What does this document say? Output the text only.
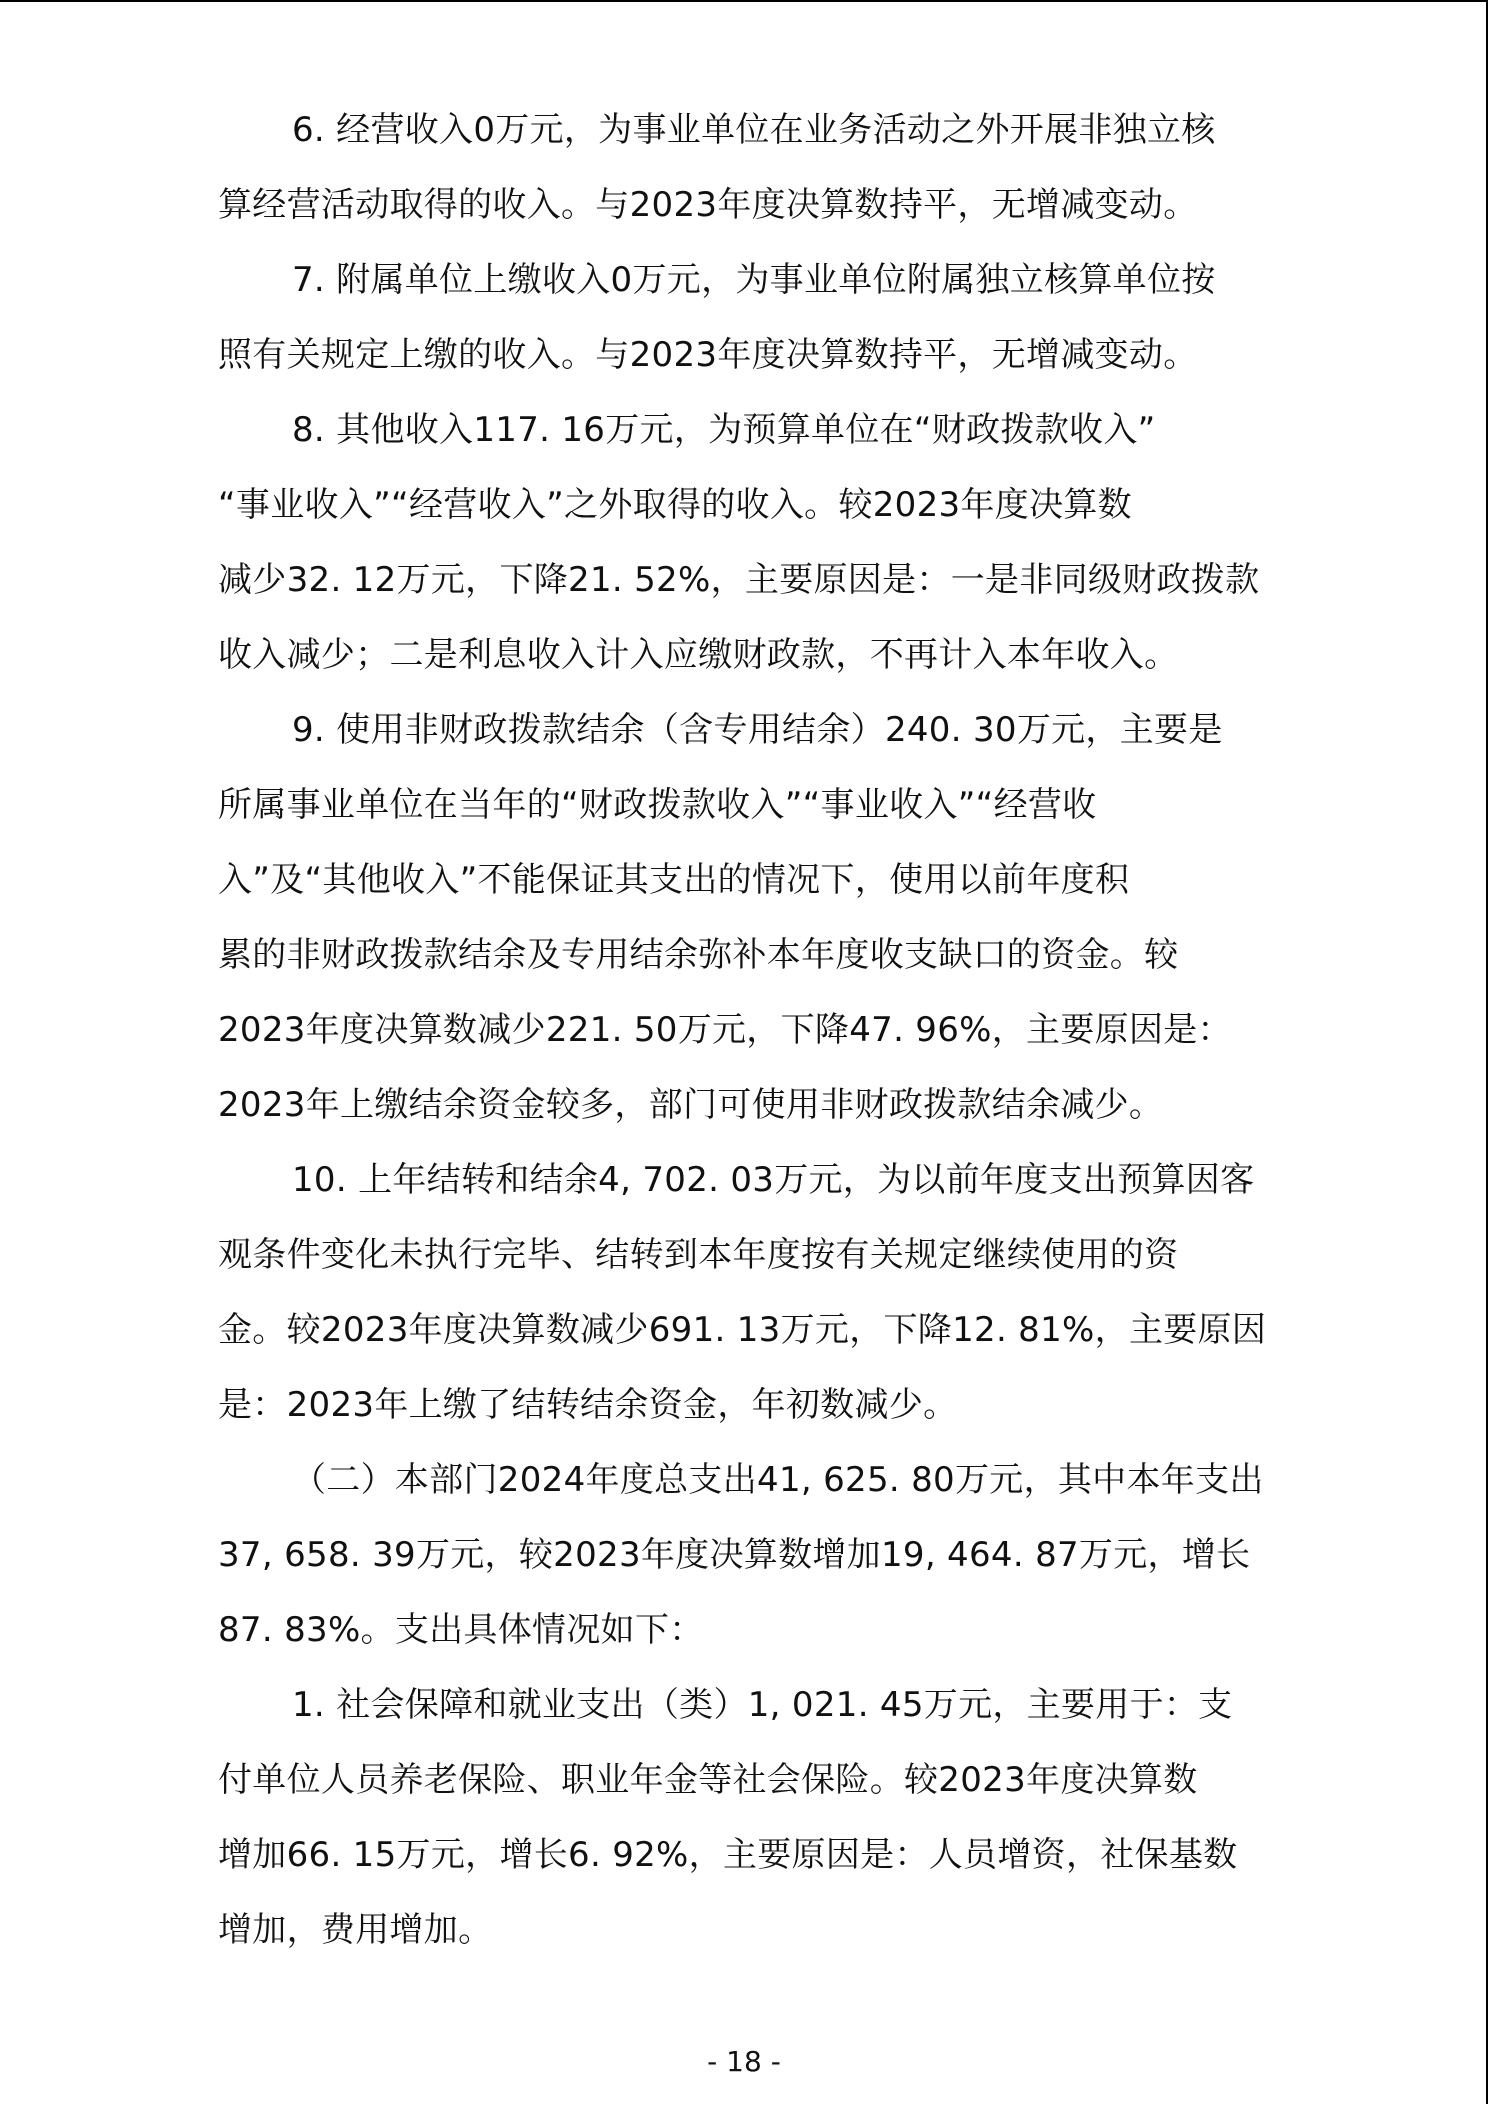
6. 经营收入0万元，为事业单位在业务活动之外开展非独立核
算经营活动取得的收入。与2023年度决算数持平，无增减变动。
7. 附属单位上缴收入0万元，为事业单位附属独立核算单位按
照有关规定上缴的收入。与2023年度决算数持平，无增减变动。
8. 其他收入117. 16万元，为预算单位在“财政拨款收入”
“事业收入”“经营收入”之外取得的收入。较2023年度决算数
减少32. 12万元，下降21. 52%，主要原因是：一是非同级财政拨款
收入减少；二是利息收入计入应缴财政款，不再计入本年收入。
9. 使用非财政拨款结余（含专用结余）240. 30万元，主要是
所属事业单位在当年的“财政拨款收入”“事业收入”“经营收
入”及“其他收入”不能保证其支出的情况下，使用以前年度积
累的非财政拨款结余及专用结余弥补本年度收支缺口的资金。较
2023年度决算数减少221. 50万元，下降47. 96%，主要原因是：
2023年上缴结余资金较多，部门可使用非财政拨款结余减少。
10. 上年结转和结余4, 702. 03万元，为以前年度支出预算因客
观条件变化未执行完毕、结转到本年度按有关规定继续使用的资
金。较2023年度决算数减少691. 13万元，下降12. 81%，主要原因
是：2023年上缴了结转结余资金，年初数减少。
（二）本部门2024年度总支出41, 625. 80万元，其中本年支出
37, 658. 39万元，较2023年度决算数增加19, 464. 87万元，增长
87. 83%。支出具体情况如下：
1. 社会保障和就业支出（类）1, 021. 45万元，主要用于：支
付单位人员养老保险、职业年金等社会保险。较2023年度决算数
增加66. 15万元，增长6. 92%，主要原因是：人员增资，社保基数
增加，费用增加。
- 18 -
